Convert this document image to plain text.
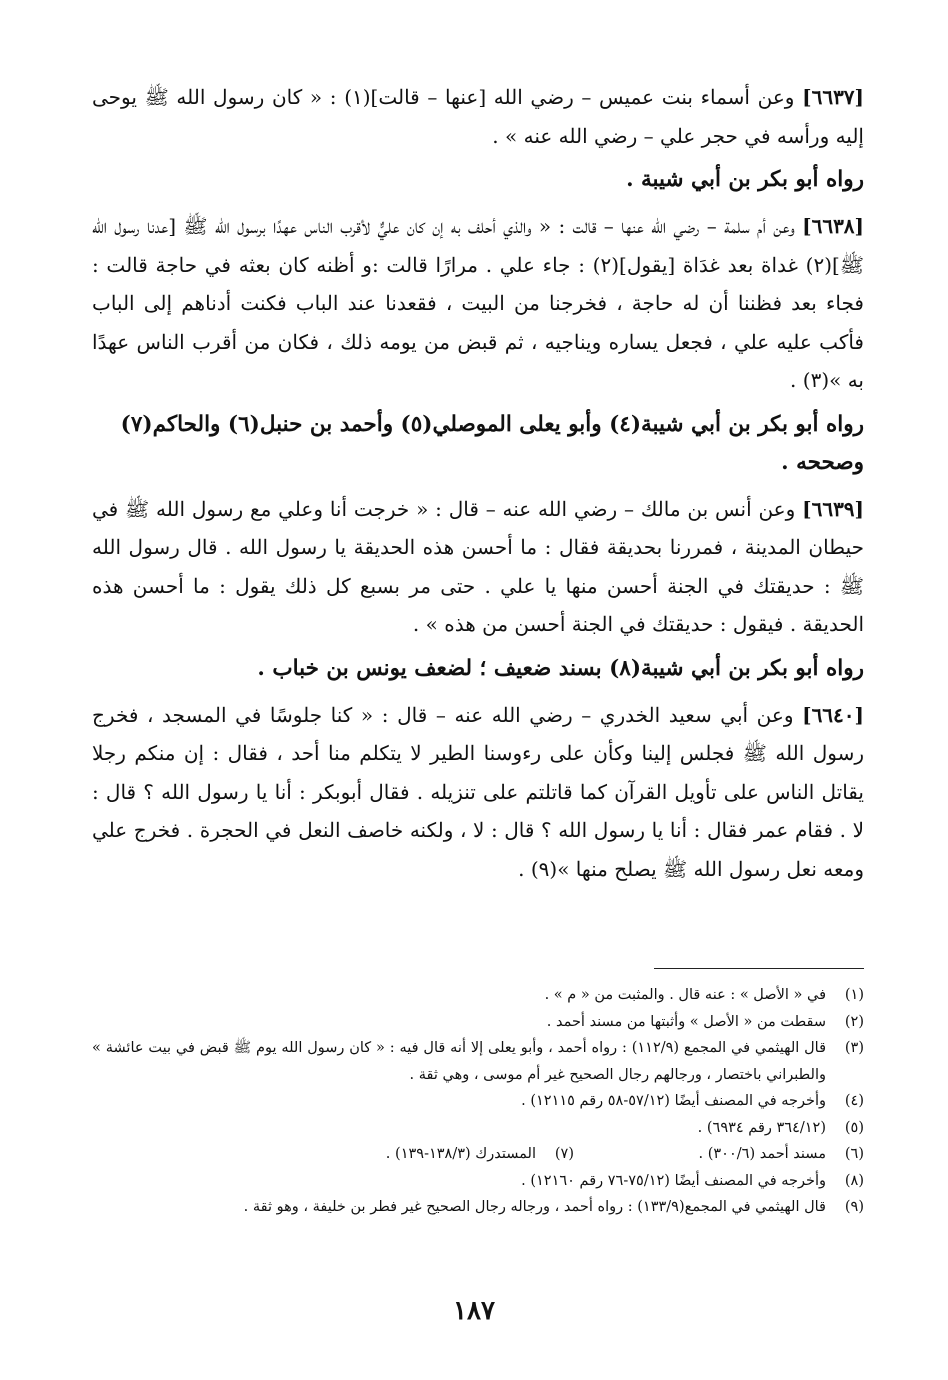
[٦٦٣٧] وعن أسماء بنت عميس – رضي الله [عنها – قالت](١) : « كان رسول الله ﷺ يوحى إليه ورأسه في حجر علي – رضي الله عنه » .

رواه أبو بكر بن أبي شيبة .

[٦٦٣٨] وعن أم سلمة – رضي الله عنها – قالت : « والذي أحلف به إن كان عليٌّ لأقرب الناس عهدًا برسول الله ﷺ [عدنا رسول الله ﷺ](٢) غداة بعد غدَاة [يقول](٢) : جاء علي . مرارًا قالت :و أظنه كان بعثه في حاجة قالت : فجاء بعد فظننا أن له حاجة ، فخرجنا من البيت ، فقعدنا عند الباب فكنت أدناهم إلى الباب فأكب عليه علي ، فجعل يساره ويناجيه ، ثم قبض من يومه ذلك ، فكان من أقرب الناس عهدًا به »(٣) .

رواه أبو بكر بن أبي شيبة(٤) وأبو يعلى الموصلي(٥) وأحمد بن حنبل(٦) والحاكم(٧) وصححه .

[٦٦٣٩] وعن أنس بن مالك – رضي الله عنه – قال : « خرجت أنا وعلي مع رسول الله ﷺ في حيطان المدينة ، فمررنا بحديقة فقال : ما أحسن هذه الحديقة يا رسول الله . قال رسول الله ﷺ : حديقتك في الجنة أحسن منها يا علي . حتى مر بسبع كل ذلك يقول : ما أحسن هذه الحديقة . فيقول : حديقتك في الجنة أحسن من هذه » .

رواه أبو بكر بن أبي شيبة(٨) بسند ضعيف ؛ لضعف يونس بن خباب .

[٦٦٤٠] وعن أبي سعيد الخدري – رضي الله عنه – قال : « كنا جلوسًا في المسجد ، فخرج رسول الله ﷺ فجلس إلينا وكأن على رءوسنا الطير لا يتكلم منا أحد ، فقال : إن منكم رجلا يقاتل الناس على تأويل القرآن كما قاتلتم على تنزيله . فقال أبوبكر : أنا يا رسول الله ؟ قال : لا . فقام عمر فقال : أنا يا رسول الله ؟ قال : لا ، ولكنه خاصف النعل في الحجرة . فخرج علي ومعه نعل رسول الله ﷺ يصلح منها »(٩) .

(١)
في « الأصل » : عنه قال . والمثبت من « م » .
(٢)
سقطت من « الأصل » وأثبتها من مسند أحمد .
(٣)
قال الهيثمي في المجمع (١١٢/٩) : رواه أحمد ، وأبو يعلى إلا أنه قال فيه : « كان رسول الله يوم ﷺ قبض في بيت عائشة » والطبراني باختصار ، ورجالهم رجال الصحيح غير أم موسى ، وهي ثقة .
(٤)
وأخرجه في المصنف أيضًا (٥٧/١٢-٥٨ رقم ١٢١١٥) .
(٥)
(٣٦٤/١٢ رقم ٦٩٣٤) .
(٦)
مسند أحمد (٣٠٠/٦) .
(٧)
المستدرك (١٣٨/٣-١٣٩) .
(٨)
وأخرجه في المصنف أيضًا (٧٥/١٢-٧٦ رقم ١٢١٦٠) .
(٩)
قال الهيثمي في المجمع(١٣٣/٩) : رواه أحمد ، ورجاله رجال الصحيح غير فطر بن خليفة ، وهو ثقة .
١٨٧
